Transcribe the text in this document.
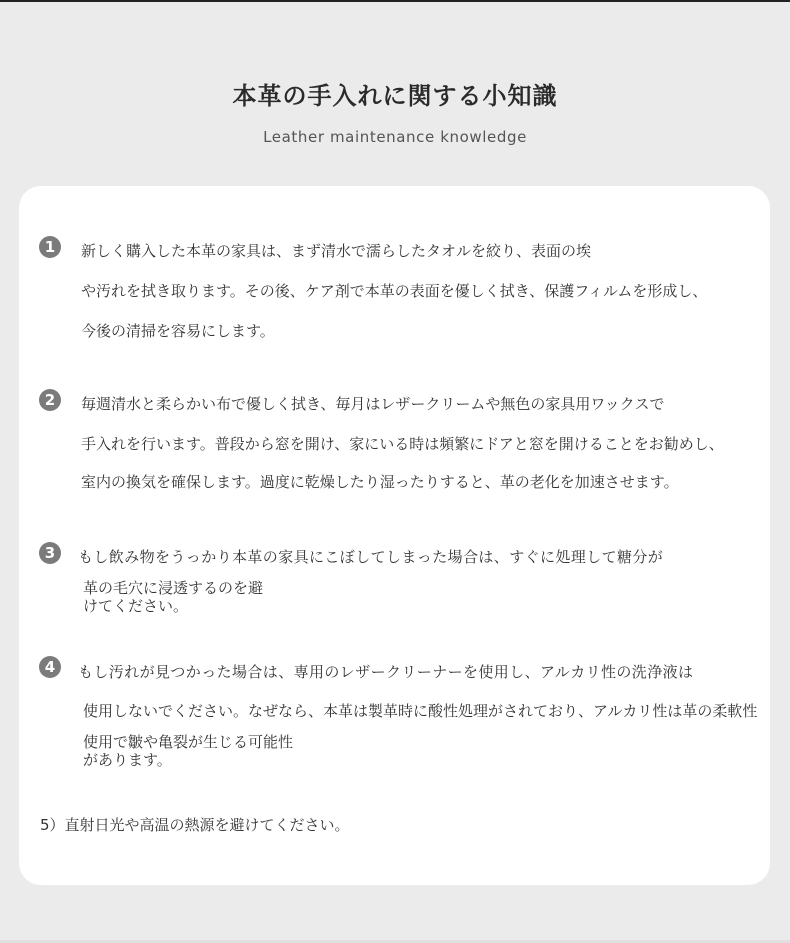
本革の手入れに関する小知識
Leather maintenance knowledge
1	新しく購入した本革の家具は、まず清水で濡らしたタオルを絞り、表面の埃
や汚れを拭き取ります。その後、ケア剤で本革の表面を優しく拭き、保護フィルムを形成し、
今後の清掃を容易にします。
2	毎週清水と柔らかい布で優しく拭き、毎月はレザークリームや無色の家具用ワックスで
手入れを行います。普段から窓を開け、家にいる時は頻繁にドアと窓を開けることをお勧めし、
室内の換気を確保します。過度に乾燥したり湿ったりすると、革の老化を加速させます。
3	もし飲み物をうっかり本革の家具にこぼしてしまった場合は、すぐに処理して糖分が
革の毛穴に浸透するのを避
けてください。
4	もし汚れが見つかった場合は、専用のレザークリーナーを使用し、アルカリ性の洗浄液は
使用しないでください。なぜなら、本革は製革時に酸性処理がされており、アルカリ性は革の柔軟性
使用で皺や亀裂が生じる可能性
があります。
5）直射日光や高温の熱源を避けてください。
